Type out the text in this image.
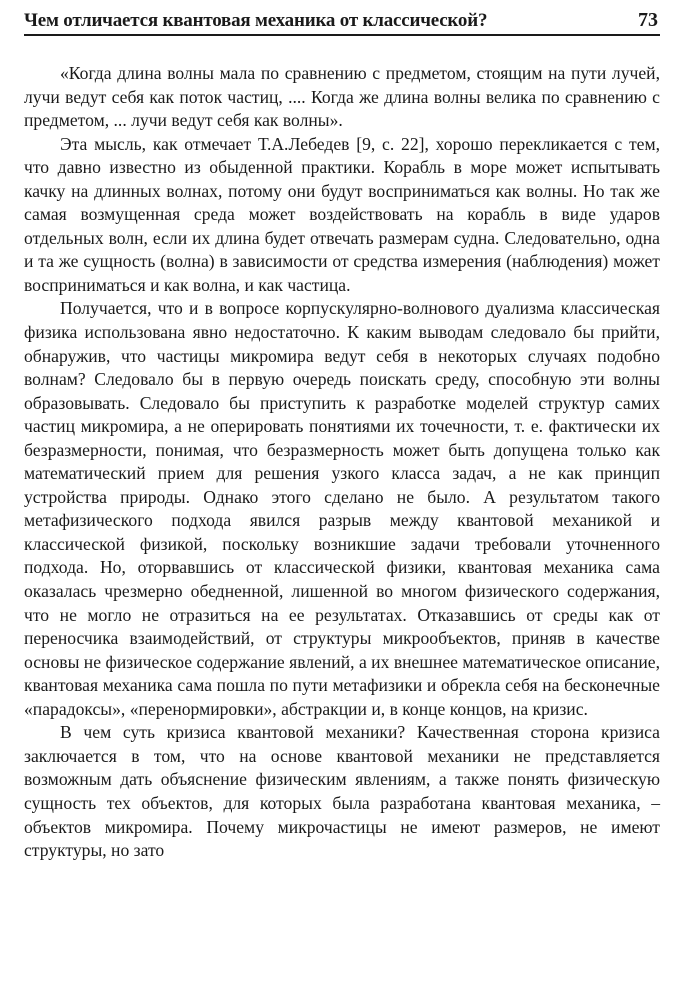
Чем отличается квантовая механика от классической?	73

«Когда длина волны мала по сравнению с предметом, стоящим на пути лучей, лучи ведут себя как поток частиц, .... Когда же длина волны велика по сравнению с предметом, ... лучи ведут себя как волны».

Эта мысль, как отмечает Т.А.Лебедев [9, с. 22], хорошо перекликается с тем, что давно известно из обыденной практики. Корабль в море может испытывать качку на длинных волнах, потому они будут восприниматься как волны. Но так же самая возмущенная среда может воздействовать на корабль в виде ударов отдельных волн, если их длина будет отвечать размерам судна. Следовательно, одна и та же сущность (волна) в зависимости от средства измерения (наблюдения) может восприниматься и как волна, и как частица.

Получается, что и в вопросе корпускулярно-волнового дуализма классическая физика использована явно недостаточно. К каким выводам следовало бы прийти, обнаружив, что частицы микромира ведут себя в некоторых случаях подобно волнам? Следовало бы в первую очередь поискать среду, способную эти волны образовывать. Следовало бы приступить к разработке моделей структур самих частиц микромира, а не оперировать понятиями их точечности, т. е. фактически их безразмерности, понимая, что безразмерность может быть допущена только как математический прием для решения узкого класса задач, а не как принцип устройства природы. Однако этого сделано не было. А результатом такого метафизического подхода явился разрыв между квантовой механикой и классической физикой, поскольку возникшие задачи требовали уточненного подхода. Но, оторвавшись от классической физики, квантовая механика сама оказалась чрезмерно обедненной, лишенной во многом физического содержания, что не могло не отразиться на ее результатах. Отказавшись от среды как от переносчика взаимодействий, от структуры микрообъектов, приняв в качестве основы не физическое содержание явлений, а их внешнее математическое описание, квантовая механика сама пошла по пути метафизики и обрекла себя на бесконечные «парадоксы», «перенормировки», абстракции и, в конце концов, на кризис.

В чем суть кризиса квантовой механики? Качественная сторона кризиса заключается в том, что на основе квантовой механики не представляется возможным дать объяснение физическим явлениям, а также понять физическую сущность тех объектов, для которых была разработана квантовая механика, – объектов микромира. Почему микрочастицы не имеют размеров, не имеют структуры, но зато
